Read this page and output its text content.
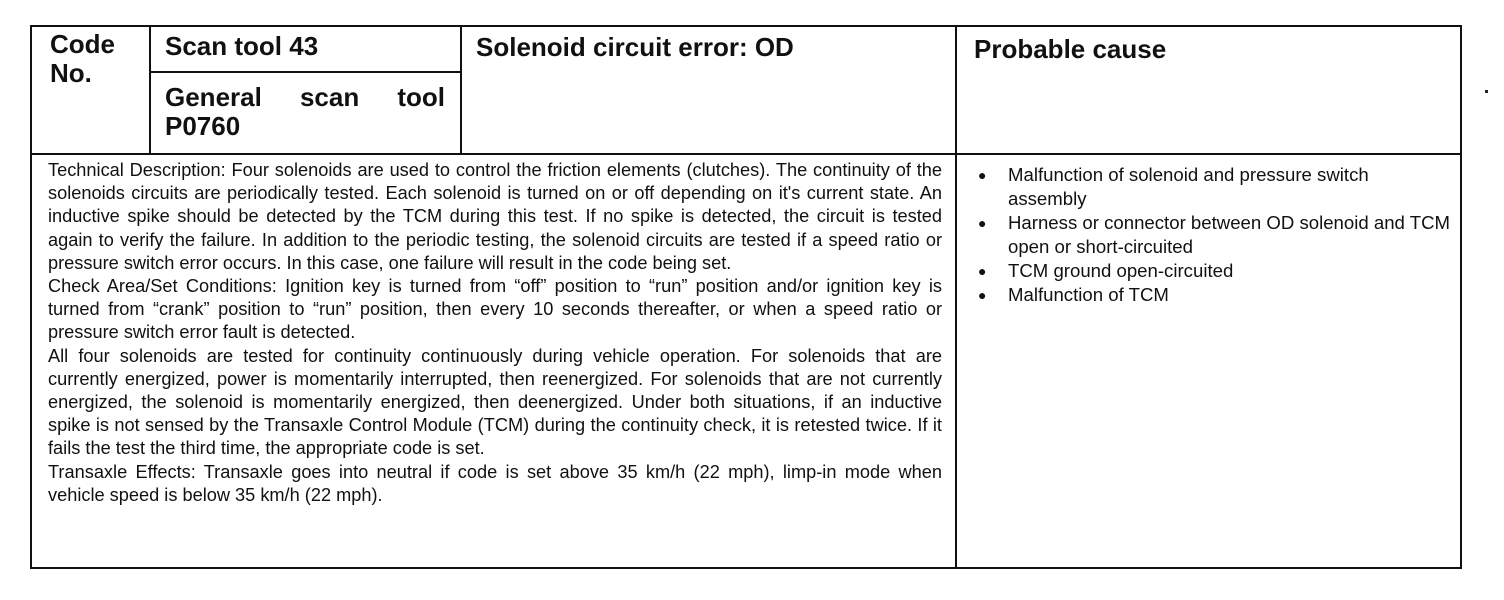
Code No.
Scan tool 43
General scan tool P0760
Solenoid circuit error: OD	Probable cause

Technical Description: Four solenoids are used to control the friction elements (clutches). The continuity of the solenoids circuits are periodically tested. Each solenoid is turned on or off depending on it's current state. An inductive spike should be detected by the TCM during this test. If no spike is detected, the circuit is tested again to verify the failure. In addition to the periodic testing, the solenoid circuits are tested if a speed ratio or pressure switch error occurs. In this case, one failure will result in the code being set.

Check Area/Set Conditions: Ignition key is turned from “off” position to “run” position and/or ignition key is turned from “crank” position to “run” position, then every 10 seconds thereafter, or when a speed ratio or pressure switch error fault is detected.

All four solenoids are tested for continuity continuously during vehicle operation. For solenoids that are currently energized, power is momentarily interrupted, then reenergized. For solenoids that are not currently energized, the solenoid is momentarily energized, then deenergized. Under both situations, if an inductive spike is not sensed by the Transaxle Control Module (TCM) during the continuity check, it is retested twice. If it fails the test the third time, the appropriate code is set.

Transaxle Effects: Transaxle goes into neutral if code is set above 35 km/h (22 mph), limp-in mode when vehicle speed is below 35 km/h (22 mph).

● Malfunction of solenoid and pressure switch assembly
● Harness or connector between OD solenoid and TCM open or short-circuited
● TCM ground open-circuited
● Malfunction of TCM
